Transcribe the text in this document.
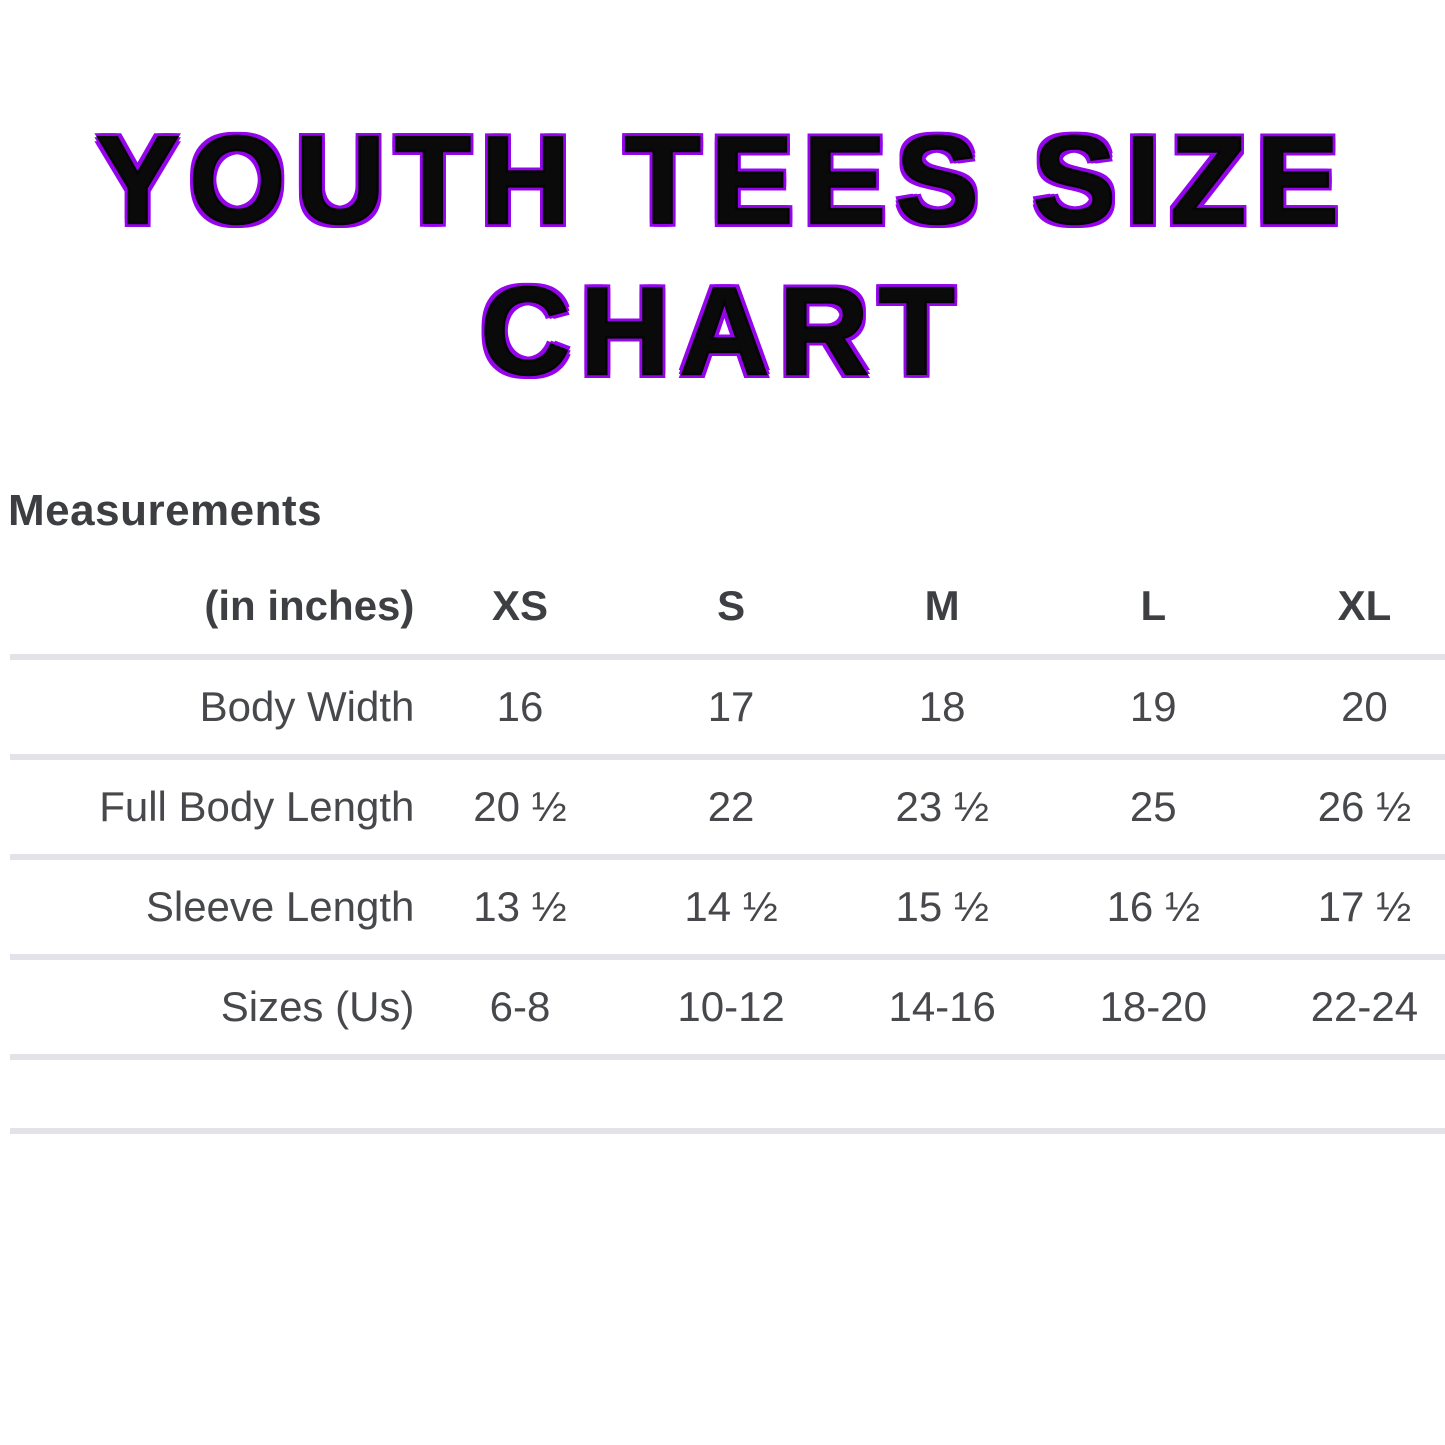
YOUTH TEES SIZE
CHART
Measurements
(in inches)	XS	S	M	L	XL
Body Width	16	17	18	19	20
Full Body Length	20 ½	22	23 ½	25	26 ½
Sleeve Length	13 ½	14 ½	15 ½	16 ½	17 ½
Sizes (Us)	6-8	10-12	14-16	18-20	22-24
